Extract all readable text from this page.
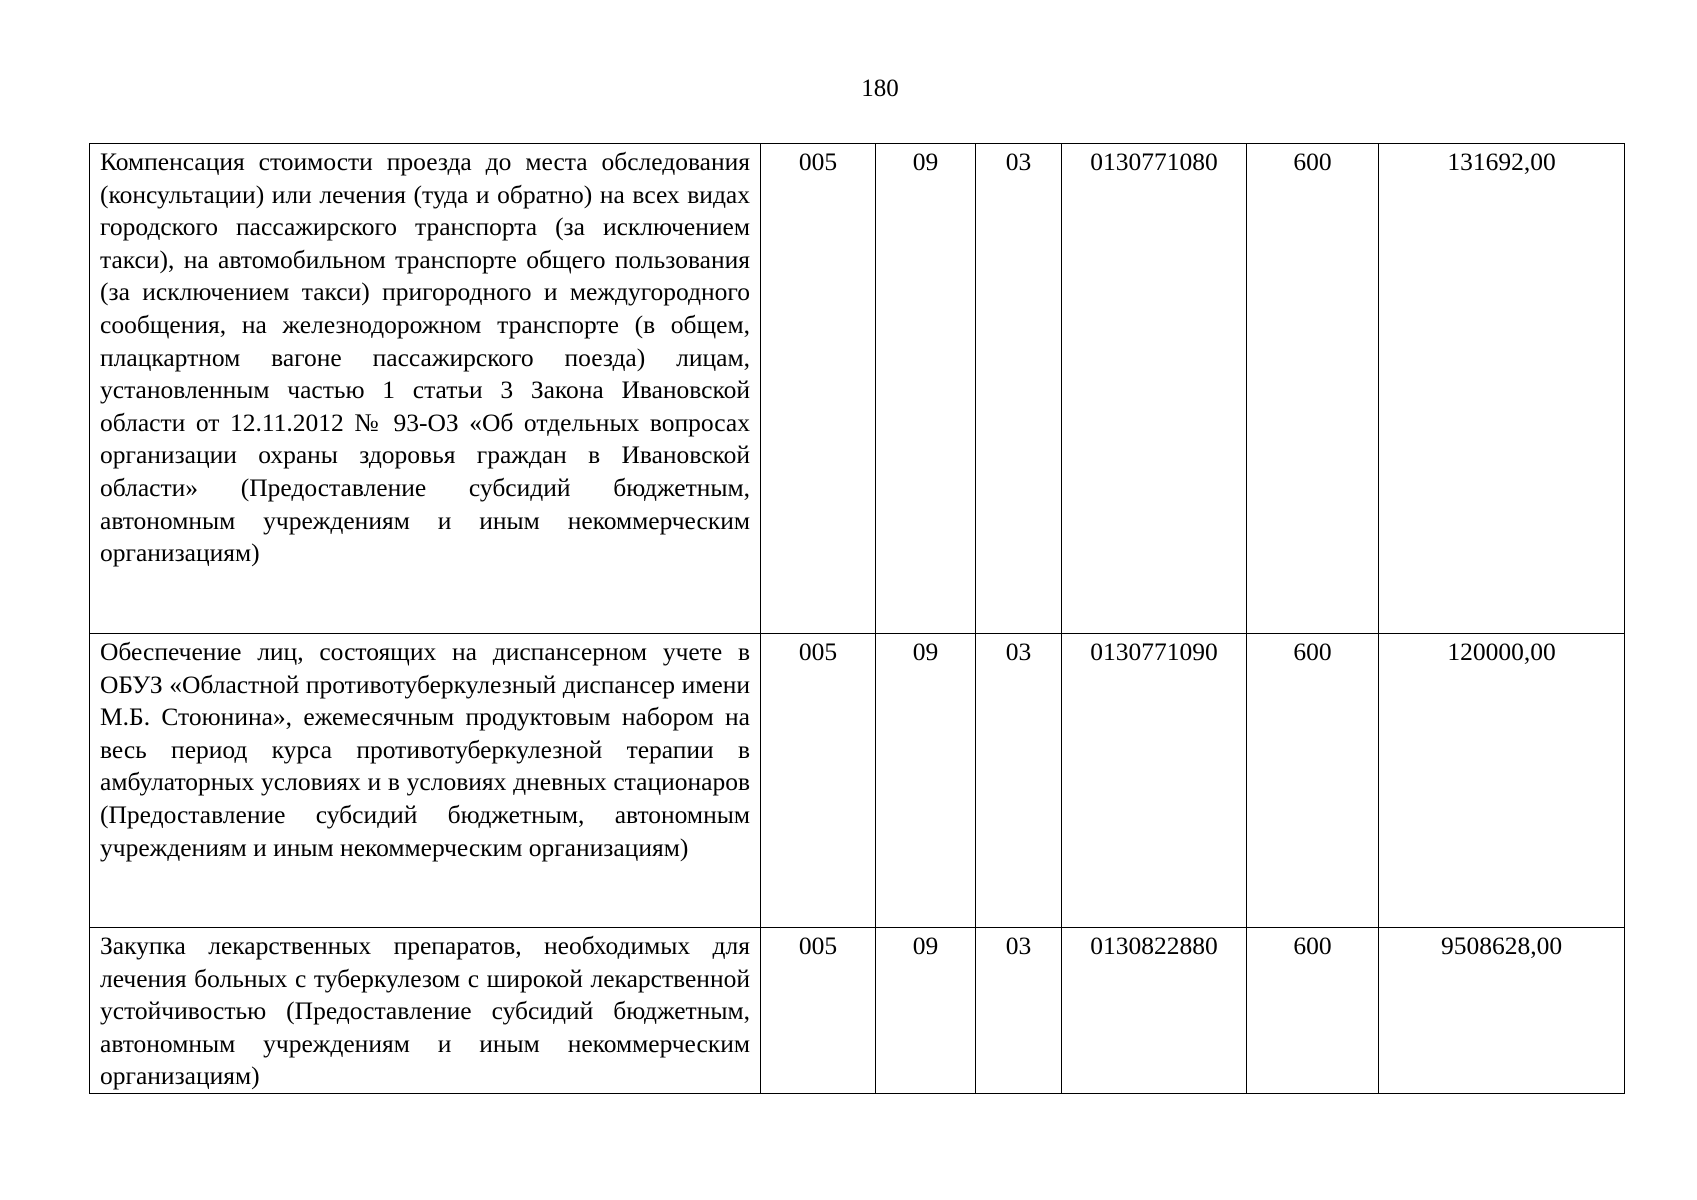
180
Компенсация стоимости проезда до места обследования (консультации) или лечения (туда и обратно) на всех видах городского пассажирского транспорта (за исключением такси), на автомобильном транспорте общего пользования (за исключением такси) пригородного и междугородного сообщения, на железнодорожном транспорте (в общем, плацкартном вагоне пассажирского поезда) лицам, установленным частью 1 статьи 3 Закона Ивановской области от 12.11.2012 № 93-ОЗ «Об отдельных вопросах организации охраны здоровья граждан в Ивановской области» (Предоставление субсидий бюджетным, автономным учреждениям и иным некоммерческим организациям)	005	09	03	0130771080	600	131692,00
Обеспечение лиц, состоящих на диспансерном учете в ОБУЗ «Областной противотуберкулезный диспансер имени М.Б. Стоюнина», ежемесячным продуктовым набором на весь период курса противотуберкулезной терапии в амбулаторных условиях и в условиях дневных стационаров (Предоставление субсидий бюджетным, автономным учреждениям и иным некоммерческим организациям)	005	09	03	0130771090	600	120000,00
Закупка лекарственных препаратов, необходимых для лечения больных с туберкулезом с широкой лекарственной устойчивостью (Предоставление субсидий бюджетным, автономным учреждениям и иным некоммерческим организациям)	005	09	03	0130822880	600	9508628,00
